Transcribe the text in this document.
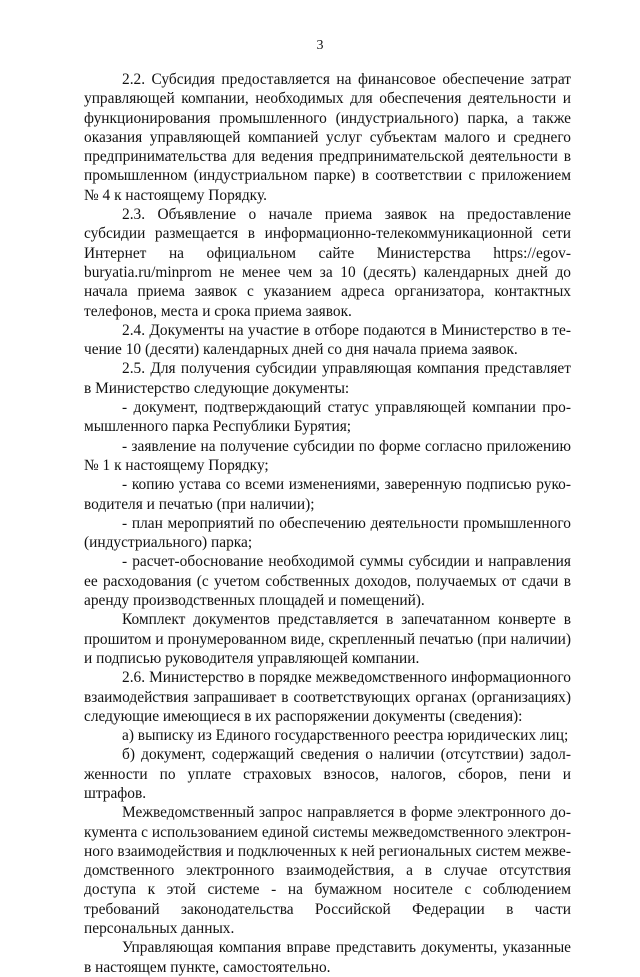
3

2.2. Субсидия предоставляется на финансовое обеспечение затрат управляющей компании, необходимых для обеспечения деятельности и функционирования промышленного (индустриального) парка, а также оказания управляющей компанией услуг субъектам малого и среднего предпринимательства для ведения предпринимательской деятельности в промышленном (индустриальном парке) в соответствии с приложением № 4 к настоящему Порядку.

2.3. Объявление о начале приема заявок на предоставление субсидии размещается в информационно-телекоммуникационной сети Интернет на официальном сайте Министерства https://egov-buryatia.ru/minprom не менее чем за 10 (десять) календарных дней до начала приема заявок с указанием адреса организатора, контактных телефонов, места и срока приема заявок.

2.4. Документы на участие в отборе подаются в Министерство в течение 10 (десяти) календарных дней со дня начала приема заявок.

2.5. Для получения субсидии управляющая компания представляет в Министерство следующие документы:

- документ, подтверждающий статус управляющей компании промышленного парка Республики Бурятия;

- заявление на получение субсидии по форме согласно приложению № 1 к настоящему Порядку;

- копию устава со всеми изменениями, заверенную подписью руководителя и печатью (при наличии);

- план мероприятий по обеспечению деятельности промышленного (индустриального) парка;

- расчет-обоснование необходимой суммы субсидии и направления ее расходования (с учетом собственных доходов, получаемых от сдачи в аренду производственных площадей и помещений).

Комплект документов представляется в запечатанном конверте в прошитом и пронумерованном виде, скрепленный печатью (при наличии) и подписью руководителя управляющей компании.

2.6. Министерство в порядке межведомственного информационного взаимодействия запрашивает в соответствующих органах (организациях) следующие имеющиеся в их распоряжении документы (сведения):

а) выписку из Единого государственного реестра юридических лиц;

б) документ, содержащий сведения о наличии (отсутствии) задолженности по уплате страховых взносов, налогов, сборов, пени и штрафов.

Межведомственный запрос направляется в форме электронного документа с использованием единой системы межведомственного электронного взаимодействия и подключенных к ней региональных систем межведомственного электронного взаимодействия, а в случае отсутствия доступа к этой системе - на бумажном носителе с соблюдением требований законодательства Российской Федерации в части персональных данных.

Управляющая компания вправе представить документы, указанные в настоящем пункте, самостоятельно.
